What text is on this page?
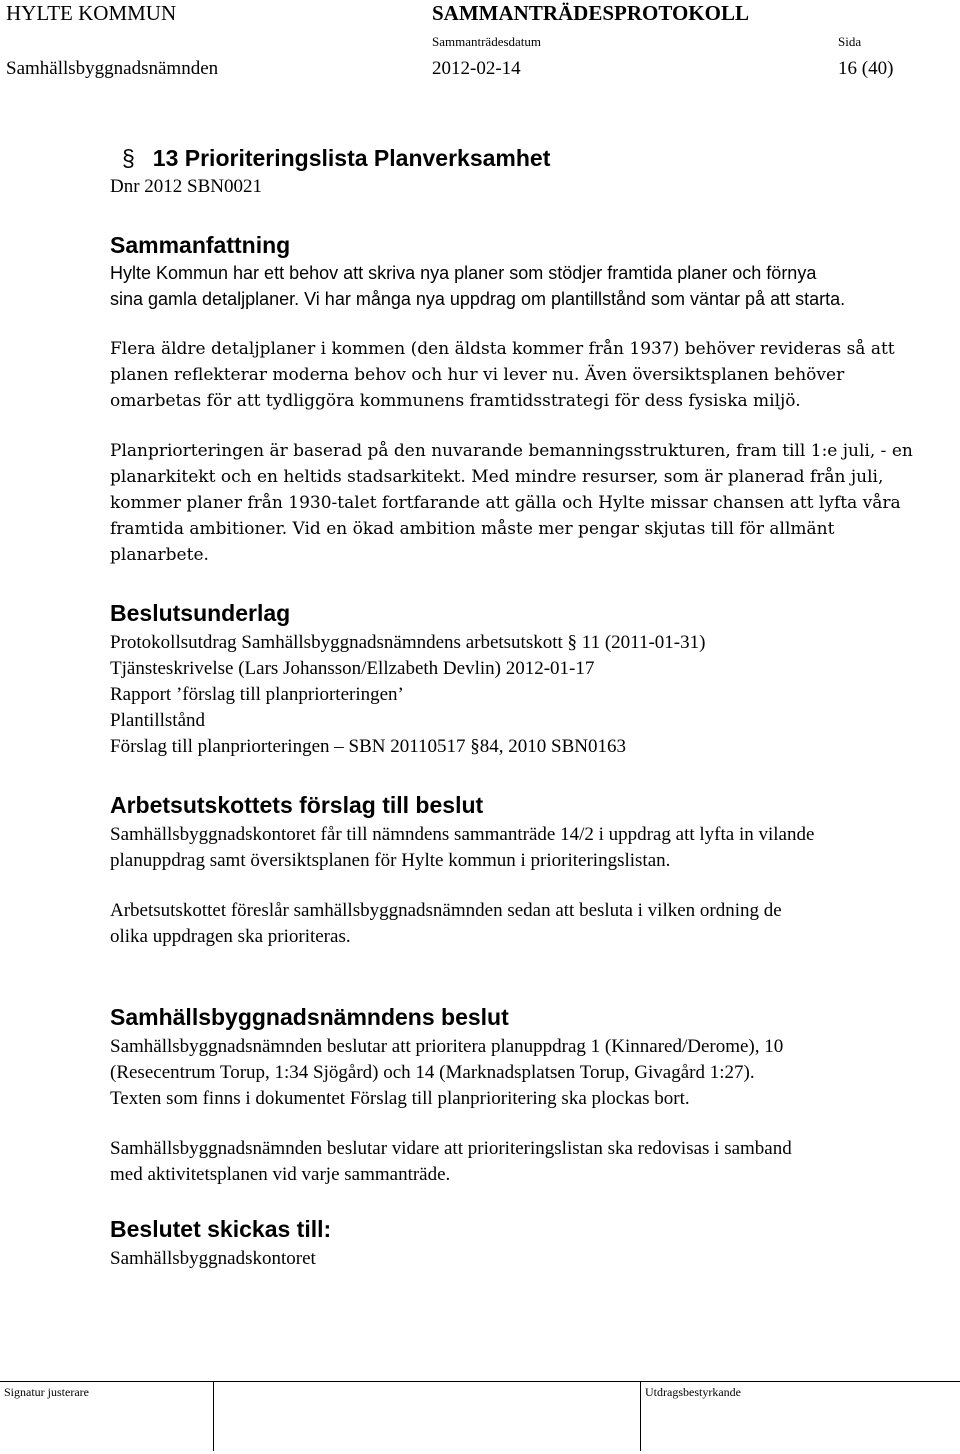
HYLTE KOMMUN	SAMMANTRÄDESPROTOKOLL
Sammanträdesdatum	Sida
Samhällsbyggnadsnämnden	2012-02-14	16 (40)
§ 13 Prioriteringslista Planverksamhet
Dnr 2012 SBN0021
Sammanfattning
Hylte Kommun har ett behov att skriva nya planer som stödjer framtida planer och förnya
sina gamla detaljplaner. Vi har många nya uppdrag om plantillstånd som väntar på att starta.
Flera äldre detaljplaner i kommen (den äldsta kommer från 1937) behöver revideras så att
planen reflekterar moderna behov och hur vi lever nu. Även översiktsplanen behöver
omarbetas för att tydliggöra kommunens framtidsstrategi för dess fysiska miljö.
Planpriorteringen är baserad på den nuvarande bemanningsstrukturen, fram till 1:e juli, - en
planarkitekt och en heltids stadsarkitekt. Med mindre resurser, som är planerad från juli,
kommer planer från 1930-talet fortfarande att gälla och Hylte missar chansen att lyfta våra
framtida ambitioner. Vid en ökad ambition måste mer pengar skjutas till för allmänt
planarbete.
Beslutsunderlag
Protokollsutdrag Samhällsbyggnadsnämndens arbetsutskott § 11 (2011-01-31)
Tjänsteskrivelse (Lars Johansson/Ellzabeth Devlin) 2012-01-17
Rapport ’förslag till planpriorteringen’
Plantillstånd
Förslag till planpriorteringen – SBN 20110517 §84, 2010 SBN0163
Arbetsutskottets förslag till beslut
Samhällsbyggnadskontoret får till nämndens sammanträde 14/2 i uppdrag att lyfta in vilande
planuppdrag samt översiktsplanen för Hylte kommun i prioriteringslistan.
Arbetsutskottet föreslår samhällsbyggnadsnämnden sedan att besluta i vilken ordning de
olika uppdragen ska prioriteras.
Samhällsbyggnadsnämndens beslut
Samhällsbyggnadsnämnden beslutar att prioritera planuppdrag 1 (Kinnared/Derome), 10
(Resecentrum Torup, 1:34 Sjögård) och 14 (Marknadsplatsen Torup, Givagård 1:27).
Texten som finns i dokumentet Förslag till planprioritering ska plockas bort.
Samhällsbyggnadsnämnden beslutar vidare att prioriteringslistan ska redovisas i samband
med aktivitetsplanen vid varje sammanträde.
Beslutet skickas till:
Samhällsbyggnadskontoret
Signatur justerare	Utdragsbestyrkande
